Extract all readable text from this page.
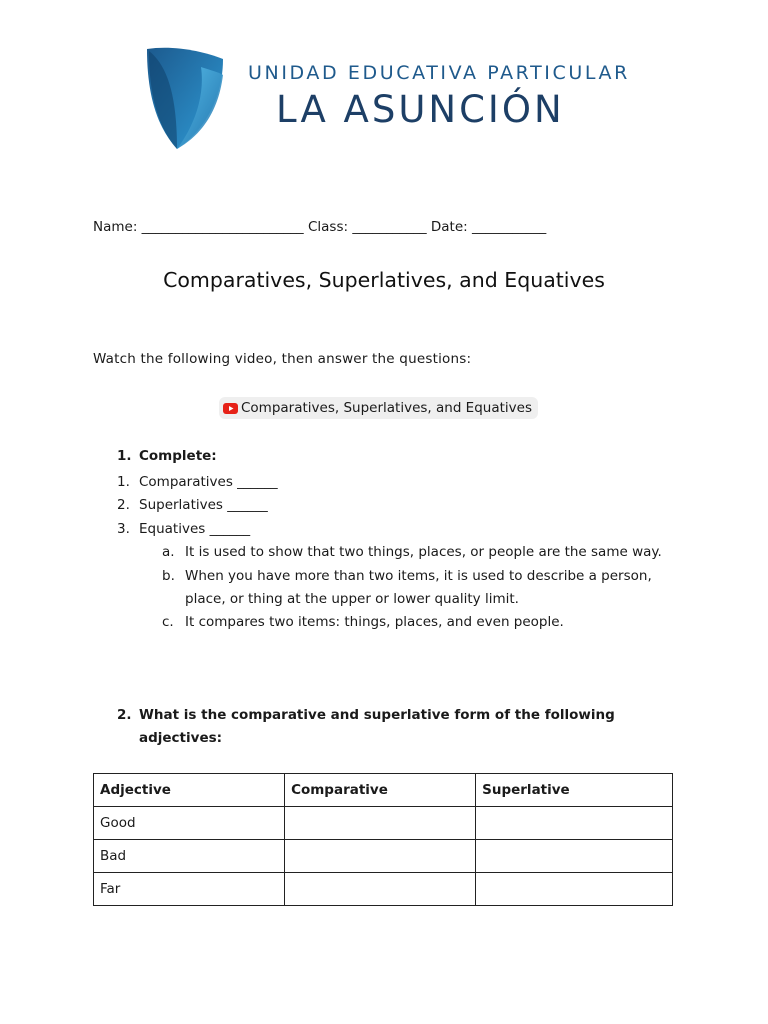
UNIDAD EDUCATIVA PARTICULAR
LA ASUNCIÓN
Name: ________________________ Class: ___________ Date: ___________
Comparatives, Superlatives, and Equatives
Watch the following video, then answer the questions:
Comparatives, Superlatives, and Equatives
1. Complete:
1. Comparatives ______
2. Superlatives ______
3. Equatives ______
a. It is used to show that two things, places, or people are the same way.
b. When you have more than two items, it is used to describe a person, place, or thing at the upper or lower quality limit.
c. It compares two items: things, places, and even people.
2. What is the comparative and superlative form of the following adjectives:
Adjective	Comparative	Superlative
Good		
Bad		
Far		
